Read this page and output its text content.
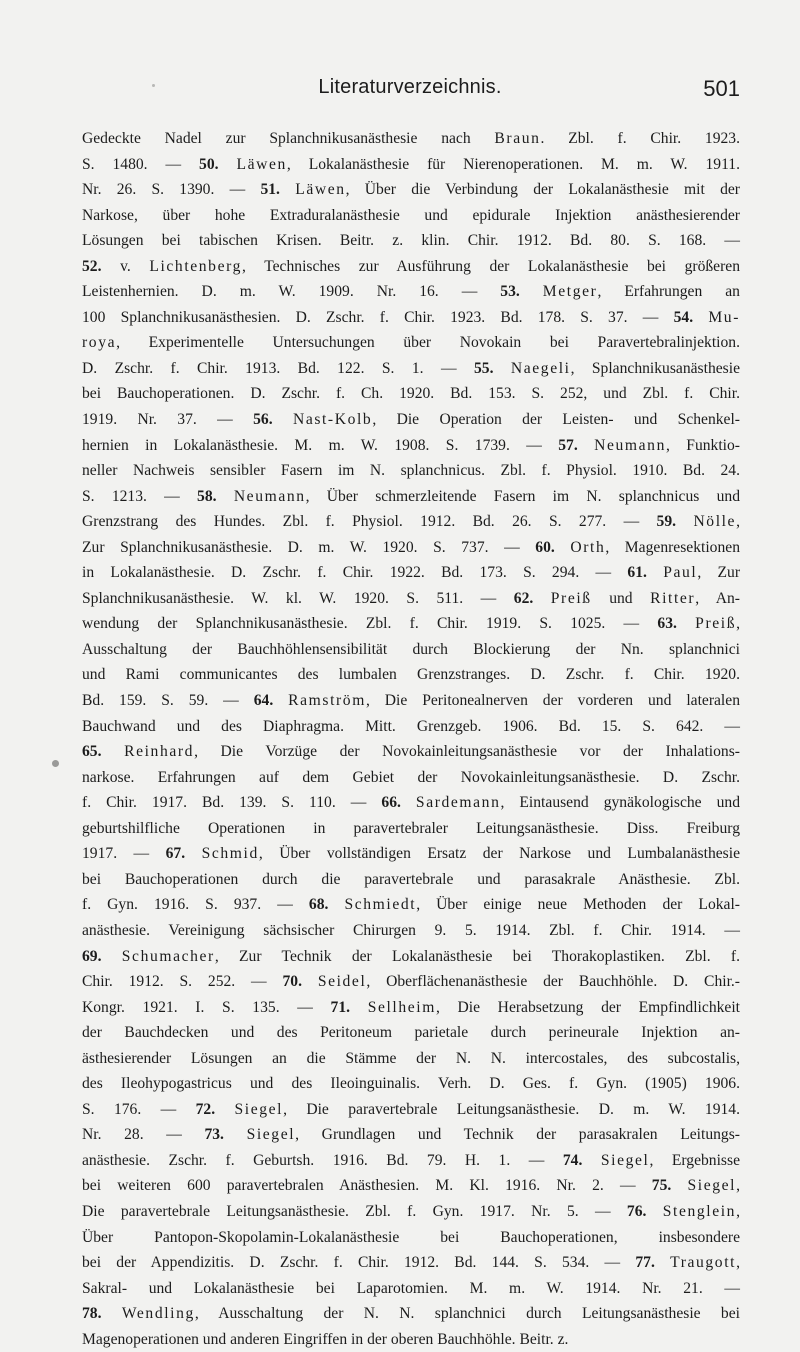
Literaturverzeichnis.	501
Gedeckte Nadel zur Splanchnikusanästhesie nach Braun. Zbl. f. Chir. 1923.
S. 1480. — 50. Läwen, Lokalanästhesie für Nierenoperationen. M. m. W. 1911.
Nr. 26. S. 1390. — 51. Läwen, Über die Verbindung der Lokalanästhesie mit der
Narkose, über hohe Extraduralanästhesie und epidurale Injektion anästhesierender
Lösungen bei tabischen Krisen. Beitr. z. klin. Chir. 1912. Bd. 80. S. 168. —
52. v. Lichtenberg, Technisches zur Ausführung der Lokalanästhesie bei größeren
Leistenhernien. D. m. W. 1909. Nr. 16. — 53. Metger, Erfahrungen an
100 Splanchnikusanästhesien. D. Zschr. f. Chir. 1923. Bd. 178. S. 37. — 54. Mu-
roya, Experimentelle Untersuchungen über Novokain bei Paravertebralinjektion.
D. Zschr. f. Chir. 1913. Bd. 122. S. 1. — 55. Naegeli, Splanchnikusanästhesie
bei Bauchoperationen. D. Zschr. f. Ch. 1920. Bd. 153. S. 252, und Zbl. f. Chir.
1919. Nr. 37. — 56. Nast-Kolb, Die Operation der Leisten- und Schenkel-
hernien in Lokalanästhesie. M. m. W. 1908. S. 1739. — 57. Neumann, Funktio-
neller Nachweis sensibler Fasern im N. splanchnicus. Zbl. f. Physiol. 1910. Bd. 24.
S. 1213. — 58. Neumann, Über schmerzleitende Fasern im N. splanchnicus und
Grenzstrang des Hundes. Zbl. f. Physiol. 1912. Bd. 26. S. 277. — 59. Nölle,
Zur Splanchnikusanästhesie. D. m. W. 1920. S. 737. — 60. Orth, Magenresektionen
in Lokalanästhesie. D. Zschr. f. Chir. 1922. Bd. 173. S. 294. — 61. Paul, Zur
Splanchnikusanästhesie. W. kl. W. 1920. S. 511. — 62. Preiß und Ritter, An-
wendung der Splanchnikusanästhesie. Zbl. f. Chir. 1919. S. 1025. — 63. Preiß,
Ausschaltung der Bauchhöhlensensibilität durch Blockierung der Nn. splanchnici
und Rami communicantes des lumbalen Grenzstranges. D. Zschr. f. Chir. 1920.
Bd. 159. S. 59. — 64. Ramström, Die Peritonealnerven der vorderen und lateralen
Bauchwand und des Diaphragma. Mitt. Grenzgeb. 1906. Bd. 15. S. 642. —
65. Reinhard, Die Vorzüge der Novokainleitungsanästhesie vor der Inhalations-
narkose. Erfahrungen auf dem Gebiet der Novokainleitungsanästhesie. D. Zschr.
f. Chir. 1917. Bd. 139. S. 110. — 66. Sardemann, Eintausend gynäkologische und
geburtshilfliche Operationen in paravertebraler Leitungsanästhesie. Diss. Freiburg
1917. — 67. Schmid, Über vollständigen Ersatz der Narkose und Lumbalanästhesie
bei Bauchoperationen durch die paravertebrale und parasakrale Anästhesie. Zbl.
f. Gyn. 1916. S. 937. — 68. Schmiedt, Über einige neue Methoden der Lokal-
anästhesie. Vereinigung sächsischer Chirurgen 9. 5. 1914. Zbl. f. Chir. 1914. —
69. Schumacher, Zur Technik der Lokalanästhesie bei Thorakoplastiken. Zbl. f.
Chir. 1912. S. 252. — 70. Seidel, Oberflächenanästhesie der Bauchhöhle. D. Chir.-
Kongr. 1921. I. S. 135. — 71. Sellheim, Die Herabsetzung der Empfindlichkeit
der Bauchdecken und des Peritoneum parietale durch perineurale Injektion an-
ästhesierender Lösungen an die Stämme der N. N. intercostales, des subcostalis,
des Ileohypogastricus und des Ileoinguinalis. Verh. D. Ges. f. Gyn. (1905) 1906.
S. 176. — 72. Siegel, Die paravertebrale Leitungsanästhesie. D. m. W. 1914.
Nr. 28. — 73. Siegel, Grundlagen und Technik der parasakralen Leitungs-
anästhesie. Zschr. f. Geburtsh. 1916. Bd. 79. H. 1. — 74. Siegel, Ergebnisse
bei weiteren 600 paravertebralen Anästhesien. M. Kl. 1916. Nr. 2. — 75. Siegel,
Die paravertebrale Leitungsanästhesie. Zbl. f. Gyn. 1917. Nr. 5. — 76. Stenglein,
Über Pantopon-Skopolamin-Lokalanästhesie bei Bauchoperationen, insbesondere
bei der Appendizitis. D. Zschr. f. Chir. 1912. Bd. 144. S. 534. — 77. Traugott,
Sakral- und Lokalanästhesie bei Laparotomien. M. m. W. 1914. Nr. 21. —
78. Wendling, Ausschaltung der N. N. splanchnici durch Leitungsanästhesie bei
Magenoperationen und anderen Eingriffen in der oberen Bauchhöhle. Beitr. z.
